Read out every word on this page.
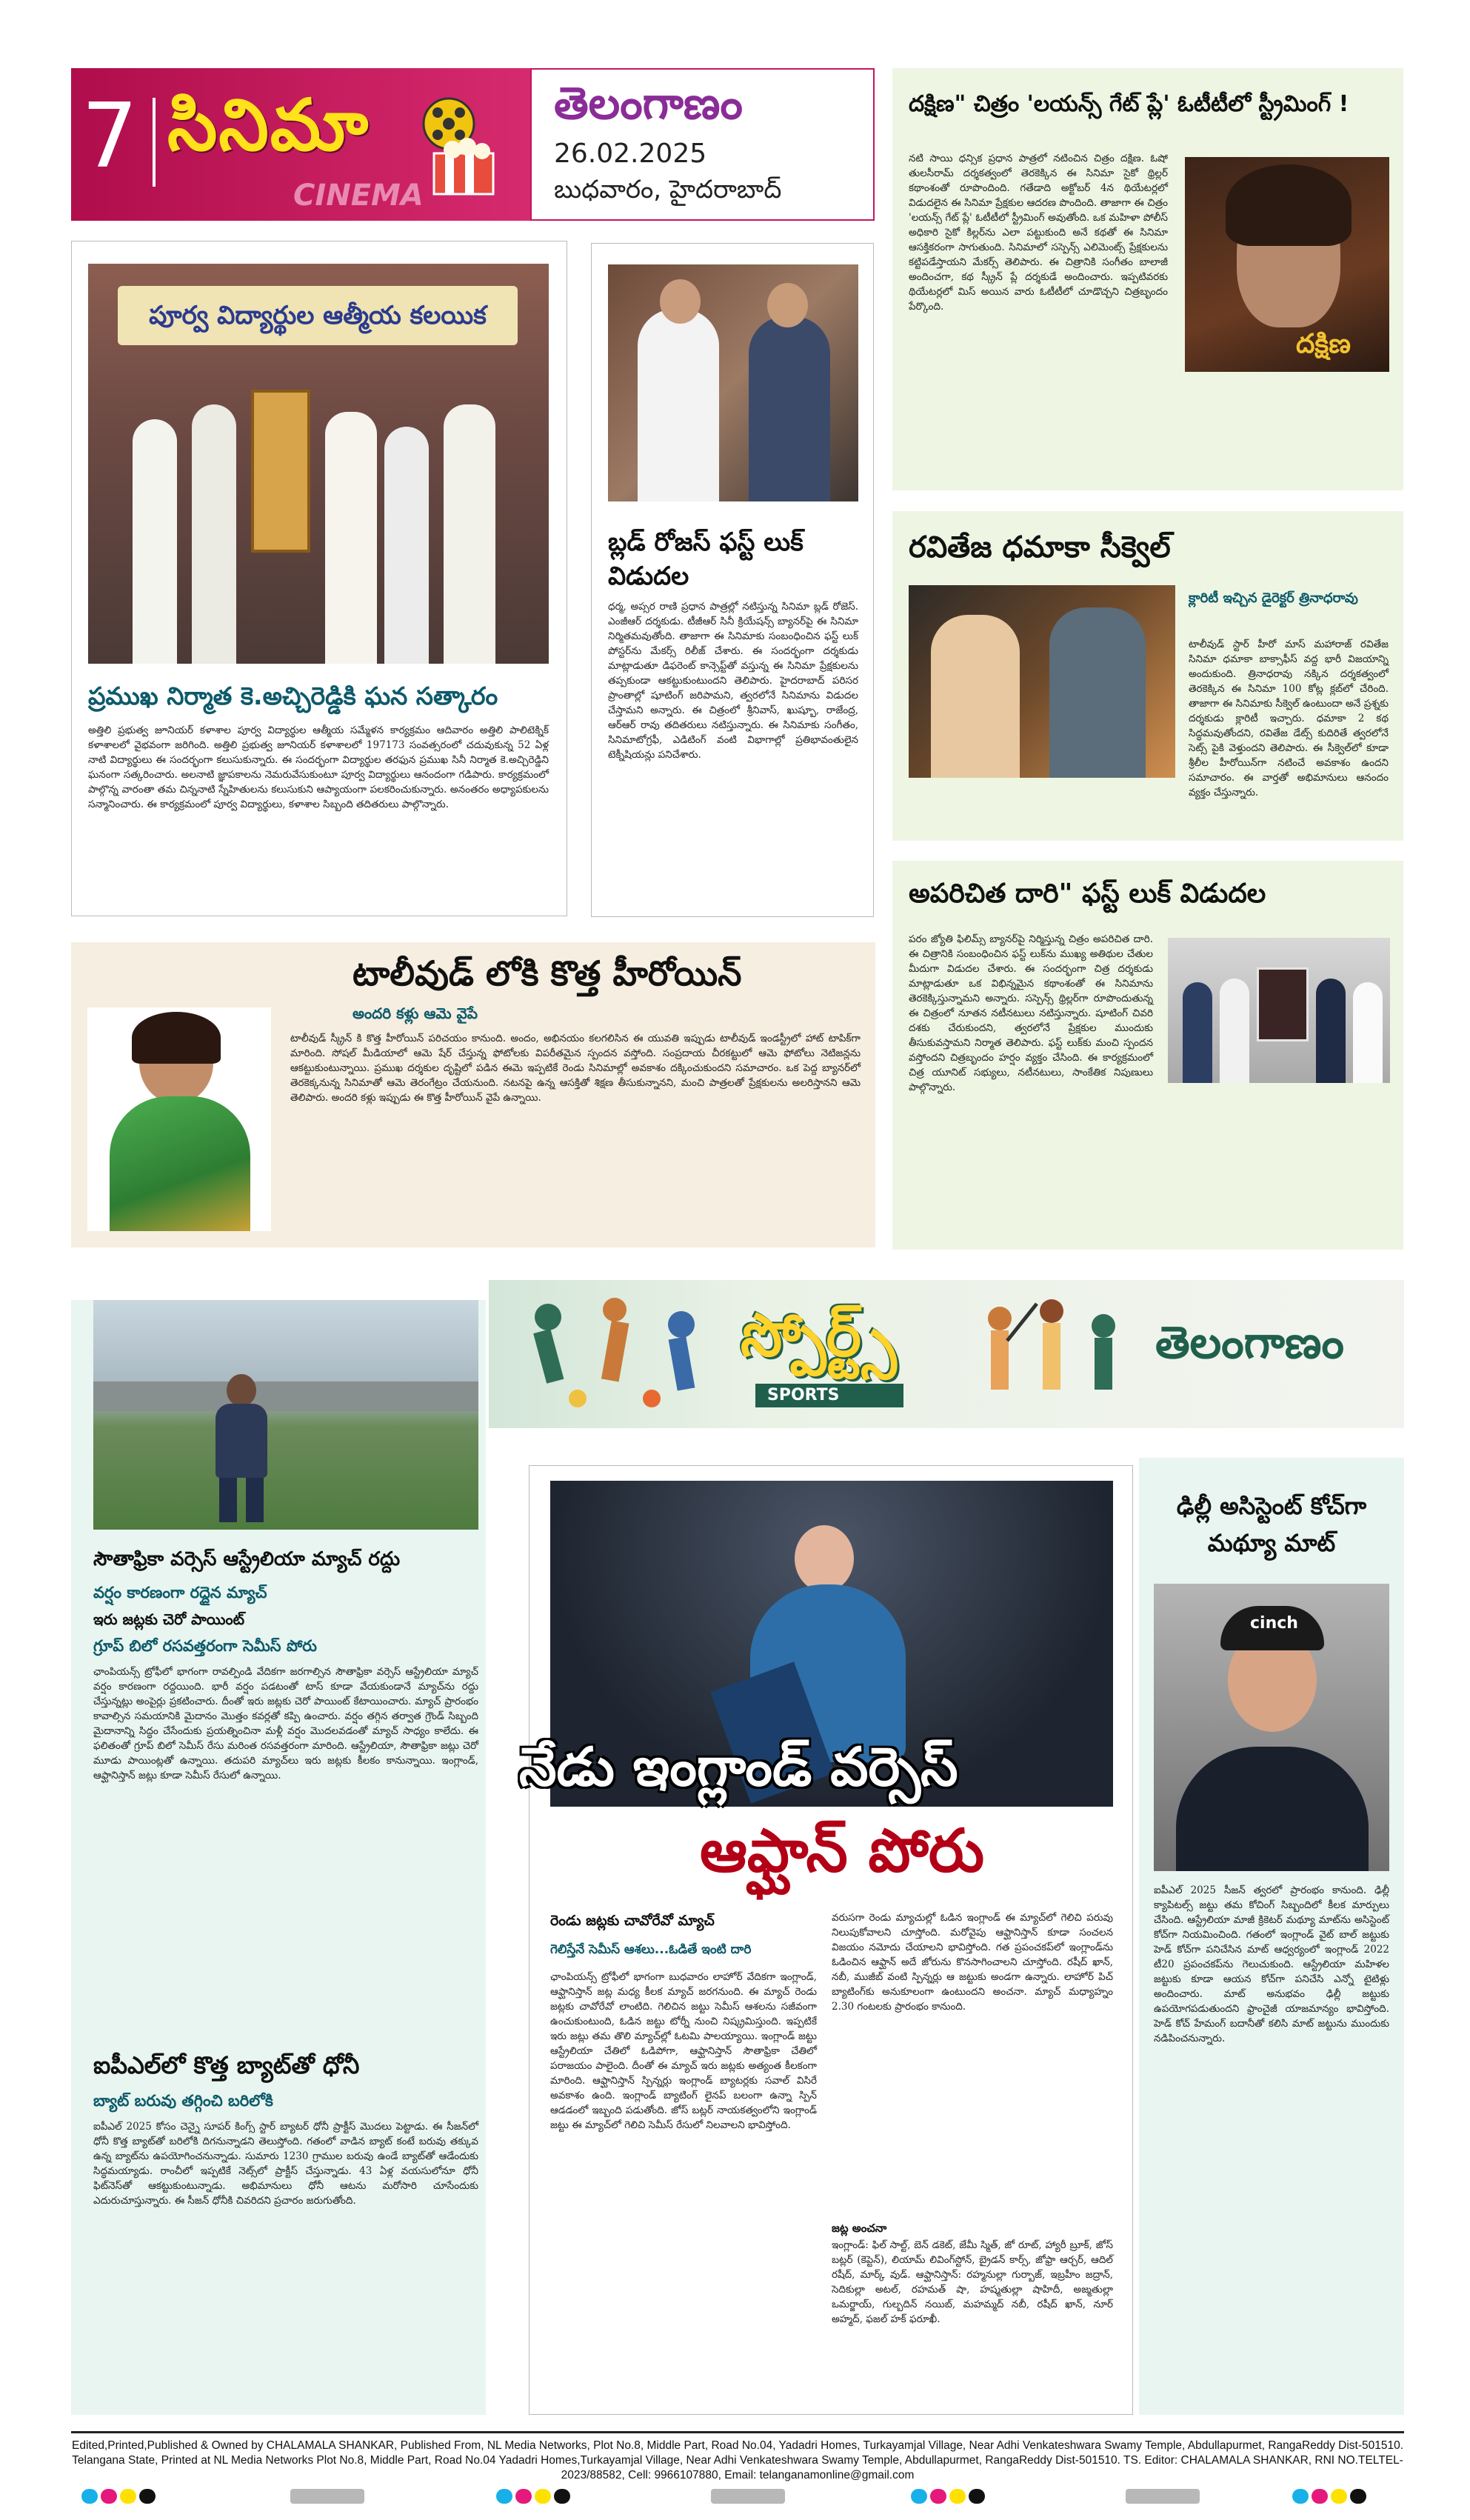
7 సినిమా
CINEMA
తెలంగాణం
26.02.2025
బుధవారం, హైదరాబాద్
పూర్వ విద్యార్థుల ఆత్మీయ కలయిక
ప్రముఖ నిర్మాత కె.అచ్చిరెడ్డికి ఘన సత్కారం
అత్తిలి ప్రభుత్వ జూనియర్ కళాశాల పూర్వ విద్యార్థుల ఆత్మీయ సమ్మేళన కార్యక్రమం ఆదివారం అత్తిలి పాలిటెక్నిక్ కళాశాలలో వైభవంగా జరిగింది. అత్తిలి ప్రభుత్వ జూనియర్ కళాశాలలో 197173 సంవత్సరంలో చదువుకున్న 52 ఏళ్ల నాటి విద్యార్థులు ఈ సందర్భంగా కలుసుకున్నారు. ఈ సందర్భంగా విద్యార్థుల తరఫున ప్రముఖ సినీ నిర్మాత కె.అచ్చిరెడ్డిని ఘనంగా సత్కరించారు. అలనాటి జ్ఞాపకాలను నెమరువేసుకుంటూ పూర్వ విద్యార్థులు ఆనందంగా గడిపారు. కార్యక్రమంలో పాల్గొన్న వారంతా తమ చిన్ననాటి స్నేహితులను కలుసుకుని ఆప్యాయంగా పలకరించుకున్నారు. అనంతరం అధ్యాపకులను సన్మానించారు. ఈ కార్యక్రమంలో పూర్వ విద్యార్థులు, కళాశాల సిబ్బంది తదితరులు పాల్గొన్నారు.
బ్లడ్ రోజస్ ఫస్ట్ లుక్ విడుదల
ధర్మ, అప్సర రాణి ప్రధాన పాత్రల్లో నటిస్తున్న సినిమా బ్లడ్ రోజెస్. ఎంజీఆర్ దర్శకుడు. టీజీఆర్ సినీ క్రియేషన్స్ బ్యానర్‌పై ఈ సినిమా నిర్మితమవుతోంది. తాజాగా ఈ సినిమాకు సంబంధించిన ఫస్ట్ లుక్ పోస్టర్‌ను మేకర్స్ రిలీజ్ చేశారు. ఈ సందర్భంగా దర్శకుడు మాట్లాడుతూ డిఫరెంట్ కాన్సెప్ట్‌తో వస్తున్న ఈ సినిమా ప్రేక్షకులను తప్పకుండా ఆకట్టుకుంటుందని తెలిపారు. హైదరాబాద్ పరిసర ప్రాంతాల్లో షూటింగ్ జరిపామని, త్వరలోనే సినిమాను విడుదల చేస్తామని అన్నారు. ఈ చిత్రంలో శ్రీనివాస్, ఖుష్బూ, రాజేంద్ర, ఆర్ఆర్ రావు తదితరులు నటిస్తున్నారు. ఈ సినిమాకు సంగీతం, సినిమాటోగ్రఫీ, ఎడిటింగ్ వంటి విభాగాల్లో ప్రతిభావంతులైన టెక్నీషియన్లు పనిచేశారు.
దక్షిణ" చిత్రం 'లయన్స్ గేట్ ప్లే' ఓటీటీలో స్ట్రీమింగ్ !
నటి సాయి ధన్సిక ప్రధాన పాత్రలో నటించిన చిత్రం దక్షిణ. ఓషో తులసీరామ్ దర్శకత్వంలో తెరకెక్కిన ఈ సినిమా సైకో థ్రిల్లర్ కథాంశంతో రూపొందింది. గతేడాది అక్టోబర్ 4న థియేటర్లలో విడుదలైన ఈ సినిమా ప్రేక్షకుల ఆదరణ పొందింది. తాజాగా ఈ చిత్రం 'లయన్స్ గేట్ ప్లే' ఓటీటీలో స్ట్రీమింగ్ అవుతోంది. ఒక మహిళా పోలీస్ అధికారి సైకో కిల్లర్‌ను ఎలా పట్టుకుంది అనే కథతో ఈ సినిమా ఆసక్తికరంగా సాగుతుంది. సినిమాలో సస్పెన్స్ ఎలిమెంట్స్ ప్రేక్షకులను కట్టిపడేస్తాయని మేకర్స్ తెలిపారు. ఈ చిత్రానికి సంగీతం బాలాజీ అందించగా, కథ స్క్రీన్ ప్లే దర్శకుడే అందించారు. ఇప్పటివరకు థియేటర్లలో మిస్ అయిన వారు ఓటీటీలో చూడొచ్చని చిత్రబృందం పేర్కొంది.
దక్షిణ
రవితేజ ధమాకా సీక్వెల్
క్లారిటీ ఇచ్చిన డైరెక్టర్ త్రినాధరావు
టాలీవుడ్ స్టార్ హీరో మాస్ మహారాజ్ రవితేజ సినిమా ధమాకా బాక్సాఫీస్ వద్ద భారీ విజయాన్ని అందుకుంది. త్రినాధరావు నక్కిన దర్శకత్వంలో తెరకెక్కిన ఈ సినిమా 100 కోట్ల క్లబ్‌లో చేరింది. తాజాగా ఈ సినిమాకు సీక్వెల్ ఉంటుందా అనే ప్రశ్నకు దర్శకుడు క్లారిటీ ఇచ్చారు. ధమాకా 2 కథ సిద్ధమవుతోందని, రవితేజ డేట్స్ కుదిరితే త్వరలోనే సెట్స్ పైకి వెళ్తుందని తెలిపారు. ఈ సీక్వెల్‌లో కూడా శ్రీలీల హీరోయిన్‌గా నటించే అవకాశం ఉందని సమాచారం. ఈ వార్తతో అభిమానులు ఆనందం వ్యక్తం చేస్తున్నారు.
అపరిచిత దారి" ఫస్ట్ లుక్ విడుదల
పరం జ్యోతి ఫిలిమ్స్ బ్యానర్‌పై నిర్మిస్తున్న చిత్రం అపరిచిత దారి. ఈ చిత్రానికి సంబంధించిన ఫస్ట్ లుక్‌ను ముఖ్య అతిథుల చేతుల మీదుగా విడుదల చేశారు. ఈ సందర్భంగా చిత్ర దర్శకుడు మాట్లాడుతూ ఒక విభిన్నమైన కథాంశంతో ఈ సినిమాను తెరకెక్కిస్తున్నామని అన్నారు. సస్పెన్స్ థ్రిల్లర్‌గా రూపొందుతున్న ఈ చిత్రంలో నూతన నటీనటులు నటిస్తున్నారు. షూటింగ్ చివరి దశకు చేరుకుందని, త్వరలోనే ప్రేక్షకుల ముందుకు తీసుకువస్తామని నిర్మాత తెలిపారు. ఫస్ట్ లుక్‌కు మంచి స్పందన వస్తోందని చిత్రబృందం హర్షం వ్యక్తం చేసింది. ఈ కార్యక్రమంలో చిత్ర యూనిట్ సభ్యులు, నటీనటులు, సాంకేతిక నిపుణులు పాల్గొన్నారు.
టాలీవుడ్ లోకి కొత్త హీరోయిన్
అందరి కళ్లు ఆమె వైపే
టాలీవుడ్ స్క్రీన్ కి కొత్త హీరోయిన్ పరిచయం కానుంది. అందం, అభినయం కలగలిసిన ఈ యువతి ఇప్పుడు టాలీవుడ్ ఇండస్ట్రీలో హాట్ టాపిక్‌గా మారింది. సోషల్ మీడియాలో ఆమె షేర్ చేస్తున్న ఫోటోలకు విపరీతమైన స్పందన వస్తోంది. సంప్రదాయ చీరకట్టులో ఆమె ఫోటోలు నెటిజన్లను ఆకట్టుకుంటున్నాయి. ప్రముఖ దర్శకుల దృష్టిలో పడిన ఈమె ఇప్పటికే రెండు సినిమాల్లో అవకాశం దక్కించుకుందని సమాచారం. ఒక పెద్ద బ్యానర్‌లో తెరకెక్కనున్న సినిమాతో ఆమె తెరంగేట్రం చేయనుంది. నటనపై ఉన్న ఆసక్తితో శిక్షణ తీసుకున్నానని, మంచి పాత్రలతో ప్రేక్షకులను అలరిస్తానని ఆమె తెలిపారు. అందరి కళ్లు ఇప్పుడు ఈ కొత్త హీరోయిన్ వైపే ఉన్నాయి.
స్పోర్ట్స్
SPORTS
తెలంగాణం
సౌతాఫ్రికా వర్సెస్ ఆస్ట్రేలియా మ్యాచ్ రద్దు
వర్షం కారణంగా రద్దైన మ్యాచ్
ఇరు జట్లకు చెరో పాయింట్
గ్రూప్ బిలో రసవత్తరంగా సెమీస్ పోరు
ఛాంపియన్స్ ట్రోఫీలో భాగంగా రావల్పిండి వేదికగా జరగాల్సిన సౌతాఫ్రికా వర్సెస్ ఆస్ట్రేలియా మ్యాచ్ వర్షం కారణంగా రద్దయింది. భారీ వర్షం పడటంతో టాస్ కూడా వేయకుండానే మ్యాచ్‌ను రద్దు చేస్తున్నట్లు అంపైర్లు ప్రకటించారు. దీంతో ఇరు జట్లకు చెరో పాయింట్ కేటాయించారు. మ్యాచ్ ప్రారంభం కావాల్సిన సమయానికి మైదానం మొత్తం కవర్లతో కప్పి ఉంచారు. వర్షం తగ్గిన తర్వాత గ్రౌండ్ సిబ్బంది మైదానాన్ని సిద్ధం చేసేందుకు ప్రయత్నించినా మళ్లీ వర్షం మొదలవడంతో మ్యాచ్ సాధ్యం కాలేదు. ఈ ఫలితంతో గ్రూప్ బిలో సెమీస్ రేసు మరింత రసవత్తరంగా మారింది. ఆస్ట్రేలియా, సౌతాఫ్రికా జట్లు చెరో మూడు పాయింట్లతో ఉన్నాయి. తదుపరి మ్యాచ్‌లు ఇరు జట్లకు కీలకం కానున్నాయి. ఇంగ్లాండ్, ఆఫ్ఘానిస్తాన్ జట్లు కూడా సెమీస్ రేసులో ఉన్నాయి.
ఐపీఎల్‌లో కొత్త బ్యాట్‌తో ధోనీ
బ్యాట్ బరువు తగ్గించి బరిలోకి
ఐపీఎల్ 2025 కోసం చెన్నై సూపర్ కింగ్స్ స్టార్ బ్యాటర్ ధోనీ ప్రాక్టీస్ మొదలు పెట్టాడు. ఈ సీజన్‌లో ధోనీ కొత్త బ్యాట్‌తో బరిలోకి దిగనున్నాడని తెలుస్తోంది. గతంలో వాడిన బ్యాట్ కంటే బరువు తక్కువ ఉన్న బ్యాట్‌ను ఉపయోగించనున్నాడు. సుమారు 1230 గ్రాముల బరువు ఉండే బ్యాట్‌తో ఆడేందుకు సిద్ధమయ్యాడు. రాంచీలో ఇప్పటికే నెట్స్‌లో ప్రాక్టీస్ చేస్తున్నాడు. 43 ఏళ్ల వయసులోనూ ధోనీ ఫిట్‌నెస్‌తో ఆకట్టుకుంటున్నాడు. అభిమానులు ధోనీ ఆటను మరోసారి చూసేందుకు ఎదురుచూస్తున్నారు. ఈ సీజన్ ధోనీకి చివరిదని ప్రచారం జరుగుతోంది.
నేడు ఇంగ్లాండ్ వర్సెస్
ఆఫ్ఘాన్ పోరు
రెండు జట్లకు చావోరేవో మ్యాచ్
గెలిస్తేనే సెమీస్ ఆశలు...ఓడితే ఇంటి దారి
ఛాంపియన్స్ ట్రోఫీలో భాగంగా బుధవారం లాహోర్ వేదికగా ఇంగ్లాండ్, ఆఫ్ఘానిస్తాన్ జట్ల మధ్య కీలక మ్యాచ్ జరగనుంది. ఈ మ్యాచ్ రెండు జట్లకు చావోరేవో లాంటిది. గెలిచిన జట్టు సెమీస్ ఆశలను సజీవంగా ఉంచుకుంటుంది, ఓడిన జట్టు టోర్నీ నుంచి నిష్క్రమిస్తుంది. ఇప్పటికే ఇరు జట్లు తమ తొలి మ్యాచ్‌ల్లో ఓటమి పాలయ్యాయి. ఇంగ్లాండ్ జట్టు ఆస్ట్రేలియా చేతిలో ఓడిపోగా, ఆఫ్ఘానిస్తాన్ సౌతాఫ్రికా చేతిలో పరాజయం పాలైంది. దీంతో ఈ మ్యాచ్ ఇరు జట్లకు అత్యంత కీలకంగా మారింది. ఆఫ్ఘానిస్తాన్ స్పిన్నర్లు ఇంగ్లాండ్ బ్యాటర్లకు సవాల్ విసిరే అవకాశం ఉంది. ఇంగ్లాండ్ బ్యాటింగ్ లైనప్ బలంగా ఉన్నా స్పిన్ ఆడడంలో ఇబ్బంది పడుతోంది. జోస్ బట్లర్ నాయకత్వంలోని ఇంగ్లాండ్ జట్టు ఈ మ్యాచ్‌లో గెలిచి సెమీస్ రేసులో నిలవాలని భావిస్తోంది.
వరుసగా రెండు మ్యాచుల్లో ఓడిన ఇంగ్లాండ్ ఈ మ్యాచ్‌లో గెలిచి పరువు నిలుపుకోవాలని చూస్తోంది. మరోవైపు ఆఫ్ఘానిస్తాన్ కూడా సంచలన విజయం నమోదు చేయాలని భావిస్తోంది. గత ప్రపంచకప్‌లో ఇంగ్లాండ్‌ను ఓడించిన ఆఫ్ఘాన్ అదే జోరును కొనసాగించాలని చూస్తోంది. రషీద్ ఖాన్, నబీ, ముజీబ్ వంటి స్పిన్నర్లు ఆ జట్టుకు అండగా ఉన్నారు. లాహోర్ పిచ్ బ్యాటింగ్‌కు అనుకూలంగా ఉంటుందని అంచనా. మ్యాచ్ మధ్యాహ్నం 2.30 గంటలకు ప్రారంభం కానుంది.
జట్ల అంచనా
ఇంగ్లాండ్: ఫిల్ సాల్ట్, బెన్ డకెట్, జేమీ స్మిత్, జో రూట్, హ్యారీ బ్రూక్, జోస్ బట్లర్ (కెప్టెన్), లియామ్ లివింగ్‌స్టోన్, బ్రైడన్ కార్స్, జోఫ్రా ఆర్చర్, ఆదిల్ రషీద్, మార్క్ వుడ్. ఆఫ్ఘానిస్తాన్: రహ్మనుల్లా గుర్బాజ్, ఇబ్రహీం జద్రాన్, సెదికుల్లా అటల్, రహమత్ షా, హష్మతుల్లా షాహిదీ, అజ్మతుల్లా ఒమర్జాయ్, గుల్బదిన్ నయిబ్, మహమ్మద్ నబీ, రషీద్ ఖాన్, నూర్ అహ్మద్, ఫజల్ హక్ ఫరూఖీ.
ఢిల్లీ అసిస్టెంట్ కోచ్‌గా మథ్యూ మాట్
cinch
ఐపీఎల్ 2025 సీజన్ త్వరలో ప్రారంభం కానుంది. ఢిల్లీ క్యాపిటల్స్ జట్టు తమ కోచింగ్ సిబ్బందిలో కీలక మార్పులు చేసింది. ఆస్ట్రేలియా మాజీ క్రికెటర్ మథ్యూ మాట్‌ను అసిస్టెంట్ కోచ్‌గా నియమించింది. గతంలో ఇంగ్లాండ్ వైట్ బాల్ జట్టుకు హెడ్ కోచ్‌గా పనిచేసిన మాట్ ఆధ్వర్యంలో ఇంగ్లాండ్ 2022 టీ20 ప్రపంచకప్‌ను గెలుచుకుంది. ఆస్ట్రేలియా మహిళల జట్టుకు కూడా ఆయన కోచ్‌గా పనిచేసి ఎన్నో టైటిళ్లు అందించారు. మాట్ అనుభవం ఢిల్లీ జట్టుకు ఉపయోగపడుతుందని ఫ్రాంచైజీ యాజమాన్యం భావిస్తోంది. హెడ్ కోచ్ హేమంగ్ బదానీతో కలిసి మాట్ జట్టును ముందుకు నడిపించనున్నారు.
Edited,Printed,Published & Owned by CHALAMALA SHANKAR, Published From, NL Media Networks, Plot No.8, Middle Part, Road No.04, Yadadri Homes, Turkayamjal Village, Near Adhi Venkateshwara Swamy Temple, Abdullapurmet, RangaReddy Dist-501510. Telangana State, Printed at NL Media Networks Plot No.8, Middle Part, Road No.04 Yadadri Homes,Turkayamjal Village, Near Adhi Venkateshwara Swamy Temple, Abdullapurmet, RangaReddy Dist-501510. TS. Editor: CHALAMALA SHANKAR, RNI NO.TELTEL-2023/88582, Cell: 9966107880, Email: telanganamonline@gmail.com
